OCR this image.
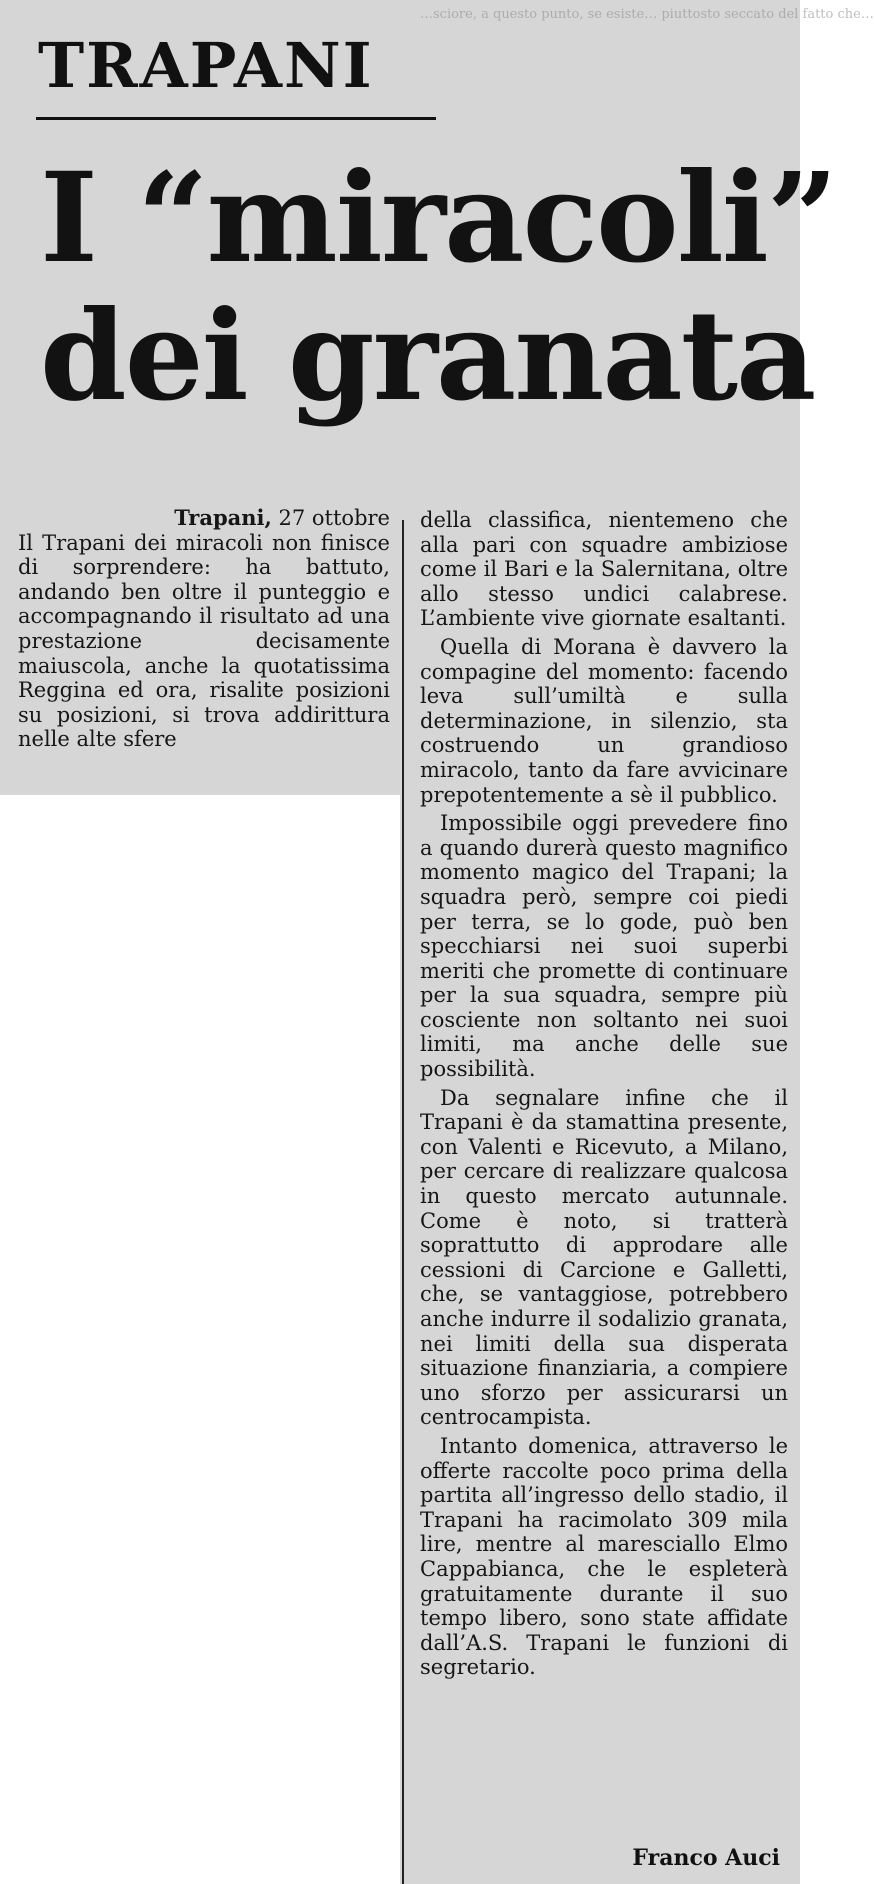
…sciore, a questo punto, se esiste… piuttosto seccato del fatto che…
TRAPANI
I “miracoli”
dei granata
Trapani, 27 ottobre

Il Trapani dei miracoli non finisce di sorprendere: ha battuto, andando ben oltre il punteggio e accompagnando il risultato ad una prestazione decisamente maiuscola, anche la quotatissima Reggina ed ora, risalite posizioni su posizioni, si trova addirittura nelle alte sfere

della classifica, nientemeno che alla pari con squadre ambiziose come il Bari e la Salernitana, oltre allo stesso undici calabrese. L’ambiente vive giornate esaltanti.

Quella di Morana è davvero la compagine del momento: facendo leva sull’umiltà e sulla determinazione, in silenzio, sta costruendo un grandioso miracolo, tanto da fare avvicinare prepotentemente a sè il pubblico.

Impossibile oggi prevedere fino a quando durerà questo magnifico momento magico del Trapani; la squadra però, sempre coi piedi per terra, se lo gode, può ben specchiarsi nei suoi superbi meriti che promette di continuare per la sua squadra, sempre più cosciente non soltanto nei suoi limiti, ma anche delle sue possibilità.

Da segnalare infine che il Trapani è da stamattina presente, con Valenti e Ricevuto, a Milano, per cercare di realizzare qualcosa in questo mercato autunnale. Come è noto, si tratterà soprattutto di approdare alle cessioni di Carcione e Galletti, che, se vantaggiose, potrebbero anche indurre il sodalizio granata, nei limiti della sua disperata situazione finanziaria, a compiere uno sforzo per assicurarsi un centrocampista.

Intanto domenica, attraverso le offerte raccolte poco prima della partita all’ingresso dello stadio, il Trapani ha racimolato 309 mila lire, mentre al maresciallo Elmo Cappabianca, che le espleterà gratuitamente durante il suo tempo libero, sono state affidate dall’A.S. Trapani le funzioni di segretario.

Franco Auci
